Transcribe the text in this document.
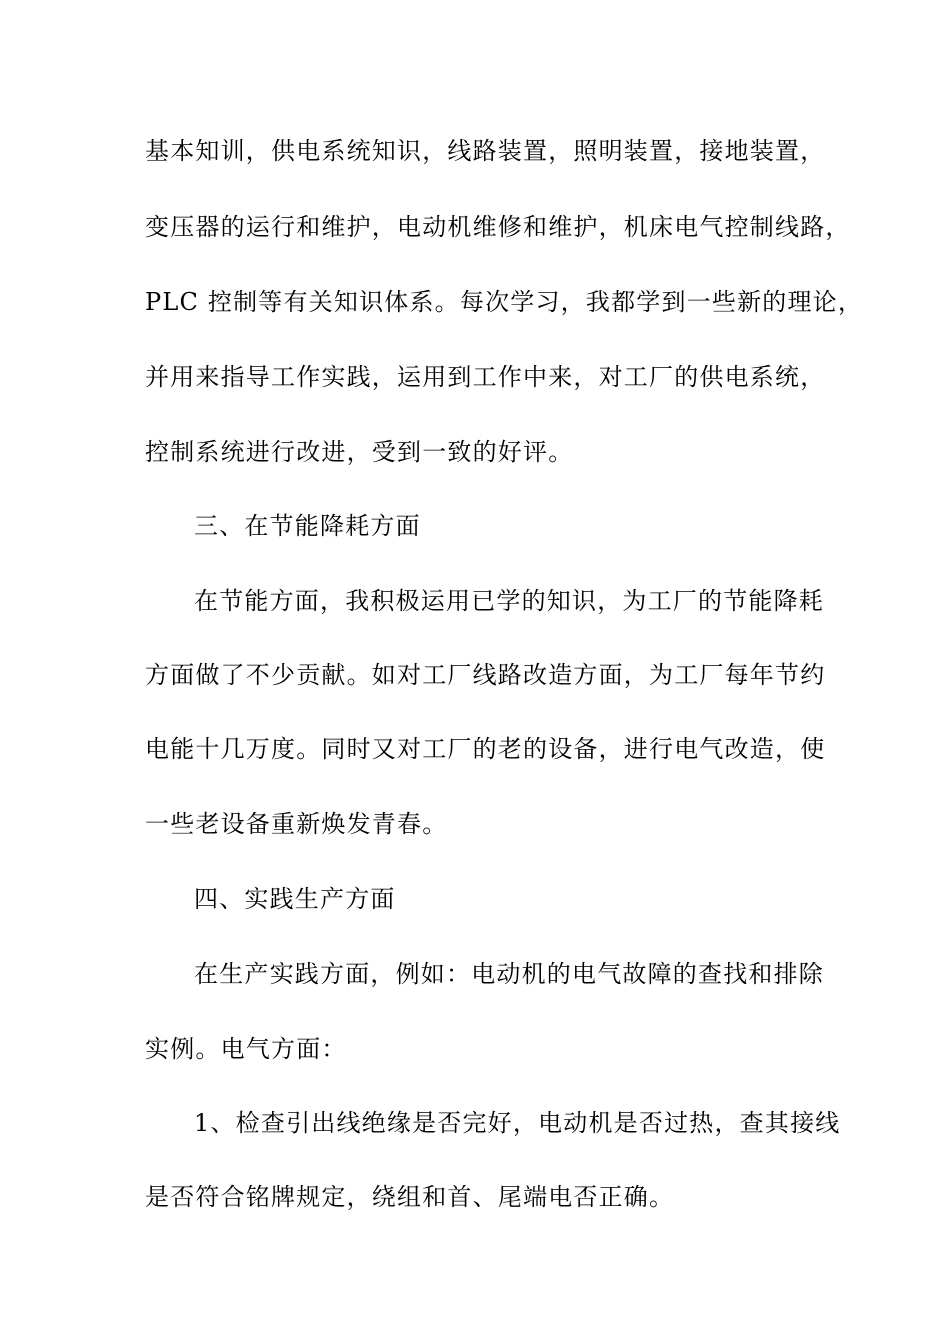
基本知训，供电系统知识，线路装置，照明装置，接地装置，
变压器的运行和维护，电动机维修和维护，机床电气控制线路，
PLC 控制等有关知识体系。每次学习，我都学到一些新的理论，
并用来指导工作实践，运用到工作中来，对工厂的供电系统，
控制系统进行改进，受到一致的好评。
三、在节能降耗方面
在节能方面，我积极运用已学的知识，为工厂的节能降耗
方面做了不少贡献。如对工厂线路改造方面，为工厂每年节约
电能十几万度。同时又对工厂的老的设备，进行电气改造，使
一些老设备重新焕发青春。
四、实践生产方面
在生产实践方面，例如：电动机的电气故障的查找和排除
实例。电气方面：
1、检查引出线绝缘是否完好，电动机是否过热，查其接线
是否符合铭牌规定，绕组和首、尾端电否正确。
